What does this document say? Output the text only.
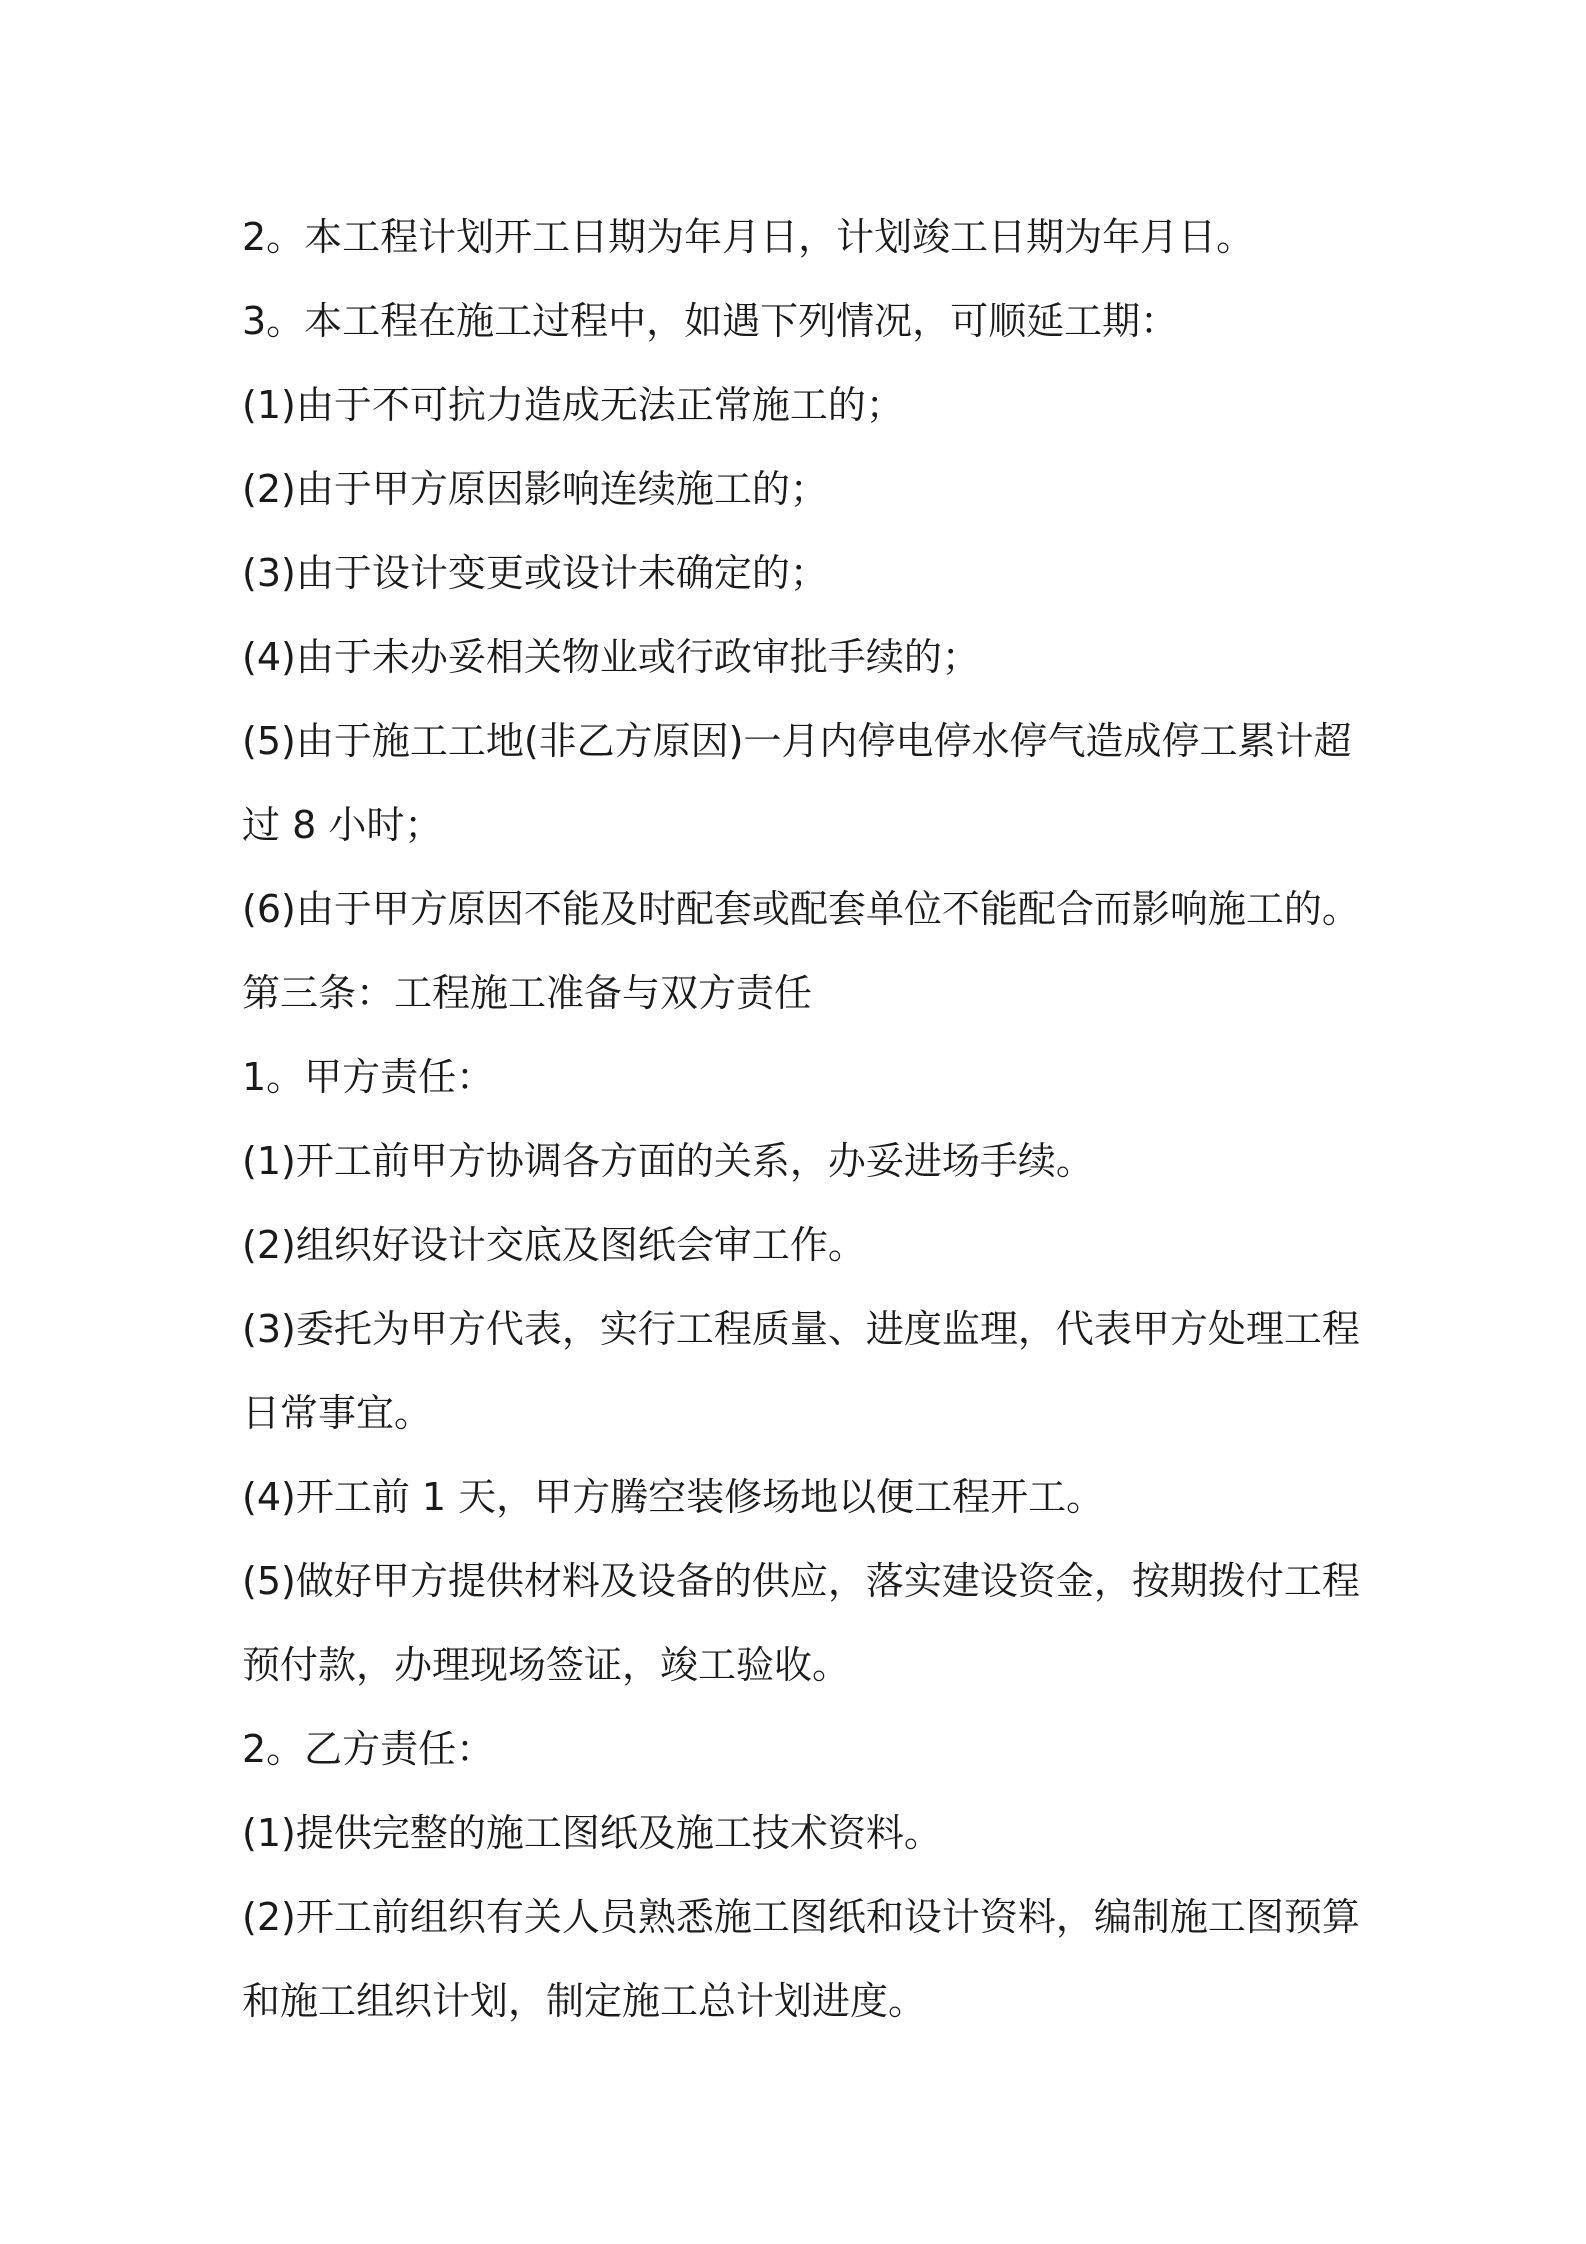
2。本工程计划开工日期为年月日，计划竣工日期为年月日。
3。本工程在施工过程中，如遇下列情况，可顺延工期：
(1)由于不可抗力造成无法正常施工的；
(2)由于甲方原因影响连续施工的；
(3)由于设计变更或设计未确定的；
(4)由于未办妥相关物业或行政审批手续的；
(5)由于施工工地(非乙方原因)一月内停电停水停气造成停工累计超
过 8 小时；
(6)由于甲方原因不能及时配套或配套单位不能配合而影响施工的。
第三条：工程施工准备与双方责任
1。甲方责任：
(1)开工前甲方协调各方面的关系，办妥进场手续。
(2)组织好设计交底及图纸会审工作。
(3)委托为甲方代表，实行工程质量、进度监理，代表甲方处理工程
日常事宜。
(4)开工前 1 天，甲方腾空装修场地以便工程开工。
(5)做好甲方提供材料及设备的供应，落实建设资金，按期拨付工程
预付款，办理现场签证，竣工验收。
2。乙方责任：
(1)提供完整的施工图纸及施工技术资料。
(2)开工前组织有关人员熟悉施工图纸和设计资料，编制施工图预算
和施工组织计划，制定施工总计划进度。
